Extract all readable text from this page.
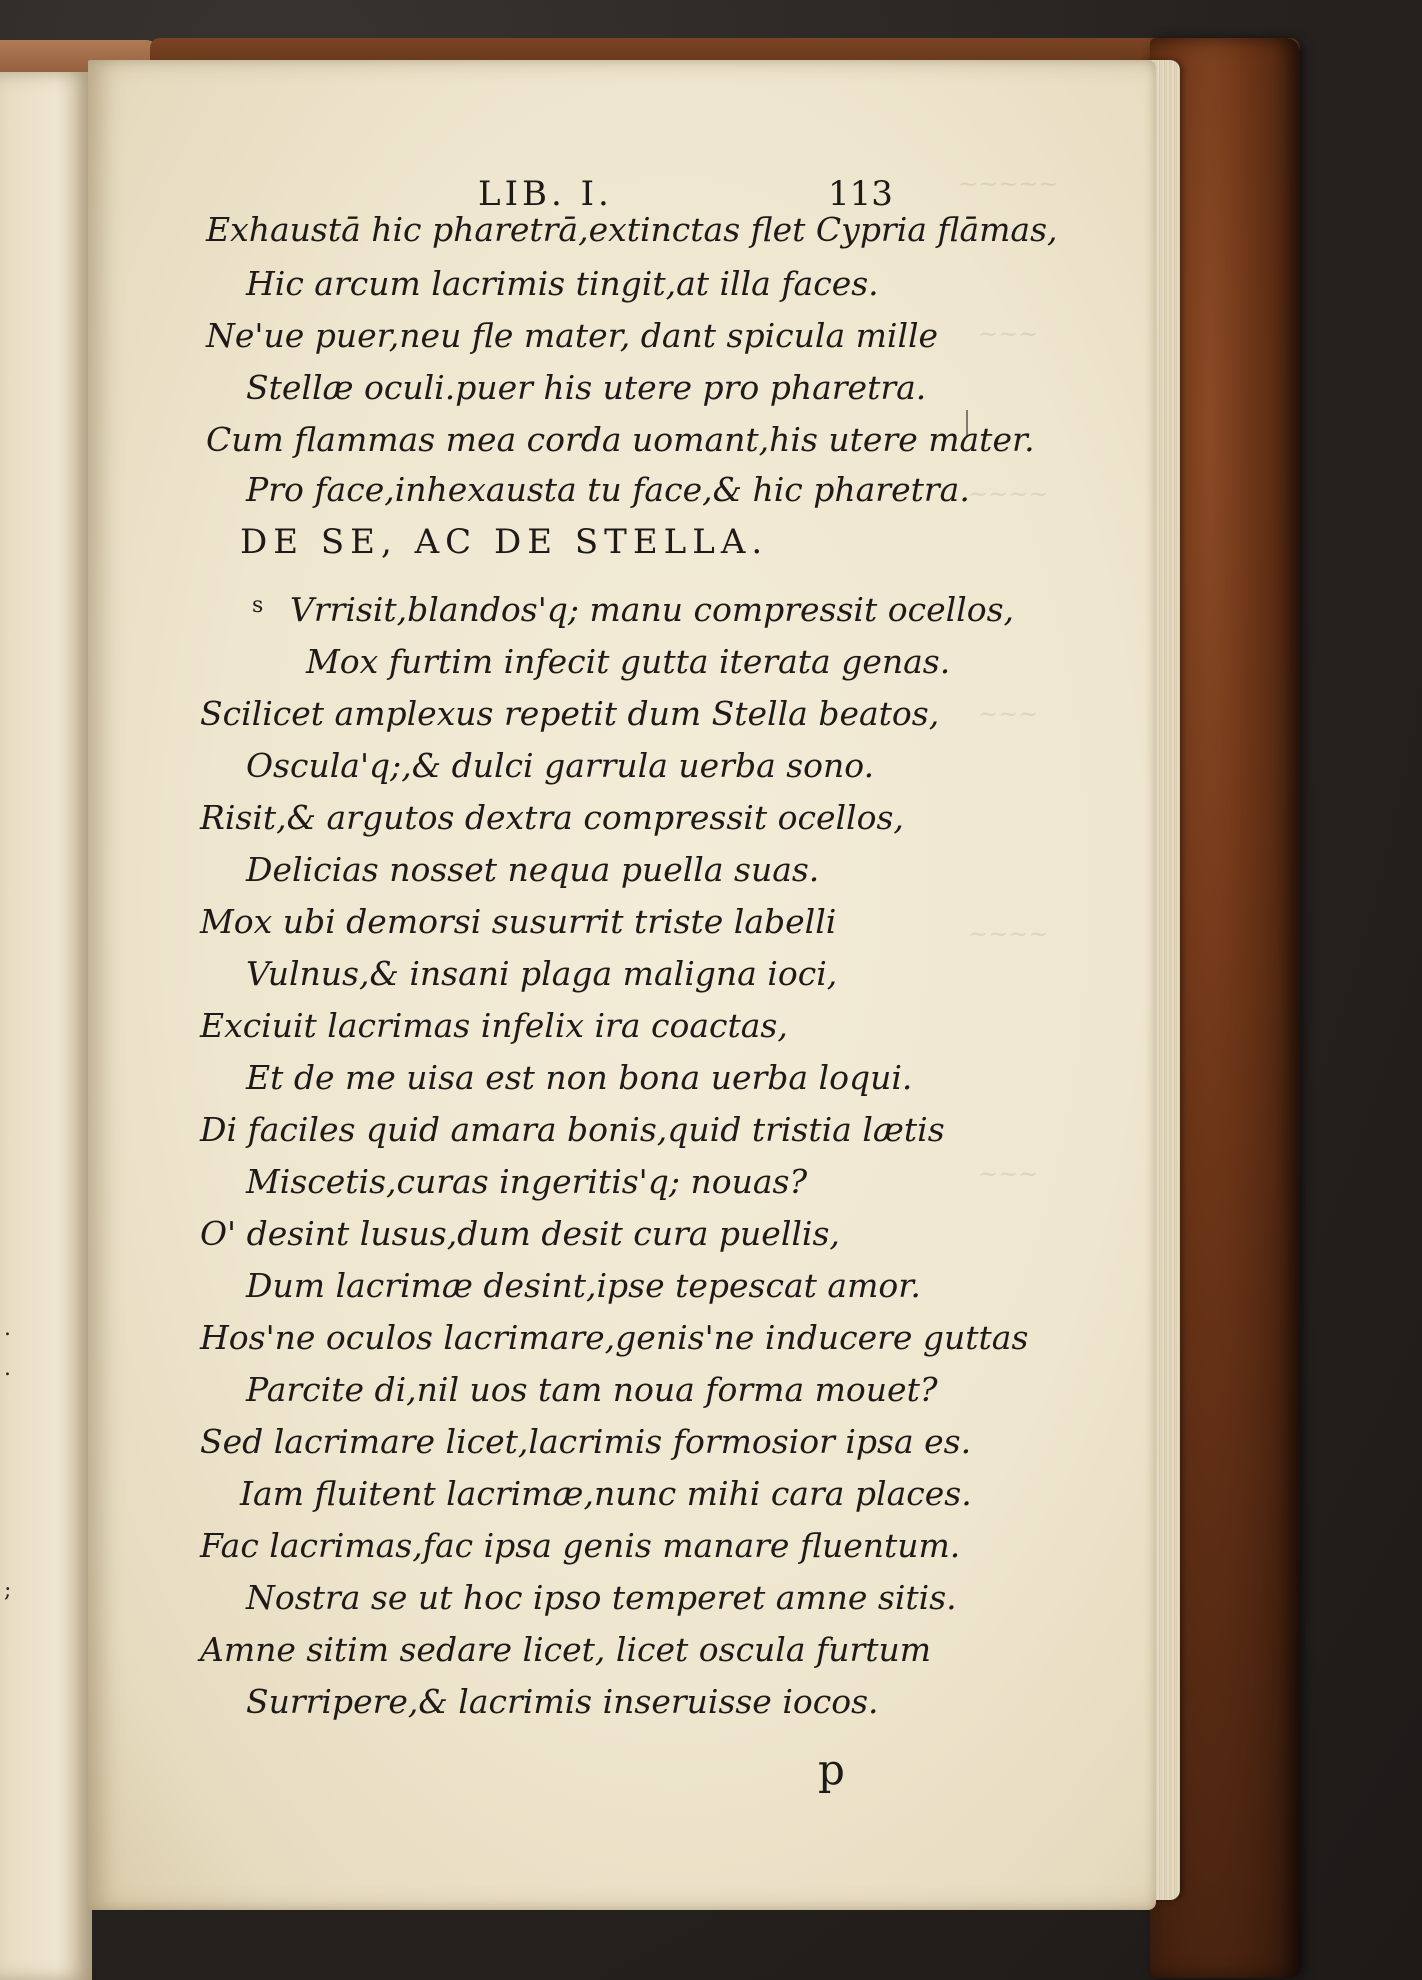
.
.
;
~~~~~
~~~
~~~~
~~~
~~~~
~~~
LIB. I.	113
Exhaustā hic pharetrā,extinctas flet Cypria flāmas,
Hic arcum lacrimis tingit,at illa faces.
Ne'ue puer,neu fle mater, dant spicula mille
Stellæ oculi.puer his utere pro pharetra.
Cum flammas mea corda uomant,his utere mater.
Pro face,inhexausta tu face,& hic pharetra.
DE SE, AC DE STELLA.
s Vrrisit,blandos'q; manu compressit ocellos,
Mox furtim infecit gutta iterata genas.
Scilicet amplexus repetit dum Stella beatos,
Oscula'q;,& dulci garrula uerba sono.
Risit,& argutos dextra compressit ocellos,
Delicias nosset nequa puella suas.
Mox ubi demorsi susurrit triste labelli
Vulnus,& insani plaga maligna ioci,
Exciuit lacrimas infelix ira coactas,
Et de me uisa est non bona uerba loqui.
Di faciles quid amara bonis,quid tristia lætis
Miscetis,curas ingeritis'q; nouas?
O' desint lusus,dum desit cura puellis,
Dum lacrimæ desint,ipse tepescat amor.
Hos'ne oculos lacrimare,genis'ne inducere guttas
Parcite di,nil uos tam noua forma mouet?
Sed lacrimare licet,lacrimis formosior ipsa es.
Iam fluitent lacrimæ,nunc mihi cara places.
Fac lacrimas,fac ipsa genis manare fluentum.
Nostra se ut hoc ipso temperet amne sitis.
Amne sitim sedare licet, licet oscula furtum
Surripere,& lacrimis inseruisse iocos.
p
